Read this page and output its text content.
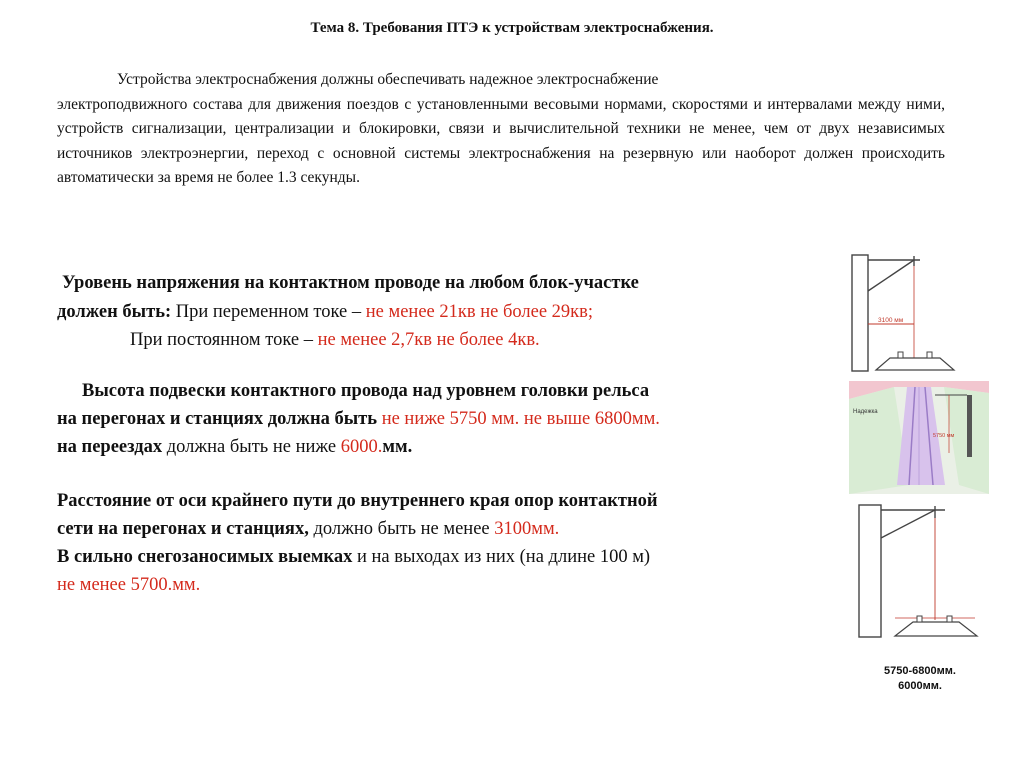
Тема 8. Требования ПТЭ к устройствам электроснабжения.
Устройства электроснабжения должны обеспечивать надежное электроснабжение
электроподвижного состава для движения поездов с установленными весовыми нормами, скоростями и интервалами между ними, устройств сигнализации, централизации и блокировки, связи и вычислительной техники не менее, чем от двух независимых источников электроэнергии, переход с основной системы электроснабжения на резервную или наоборот должен происходить автоматически за время не более 1.3 секунды.
Уровень напряжения на контактном проводе на любом блок-участке
должен быть: При переменном токе – не менее 21кв не более 29кв;
При постоянном токе – не менее 2,7кв не более 4кв.
Высота подвески контактного провода над уровнем головки рельса
на перегонах и станциях должна быть не ниже 5750 мм. не выше 6800мм.
на переездах должна быть не ниже 6000.мм.
Расстояние от оси крайнего пути до внутреннего края опор контактной
сети на перегонах и станциях, должно быть не менее 3100мм.
В сильно снегозаносимых выемках и на выходах из них (на длине 100 м)
не менее 5700.мм.
3100 мм
Надежка
5750 мм
5750-6800мм.
6000мм.
